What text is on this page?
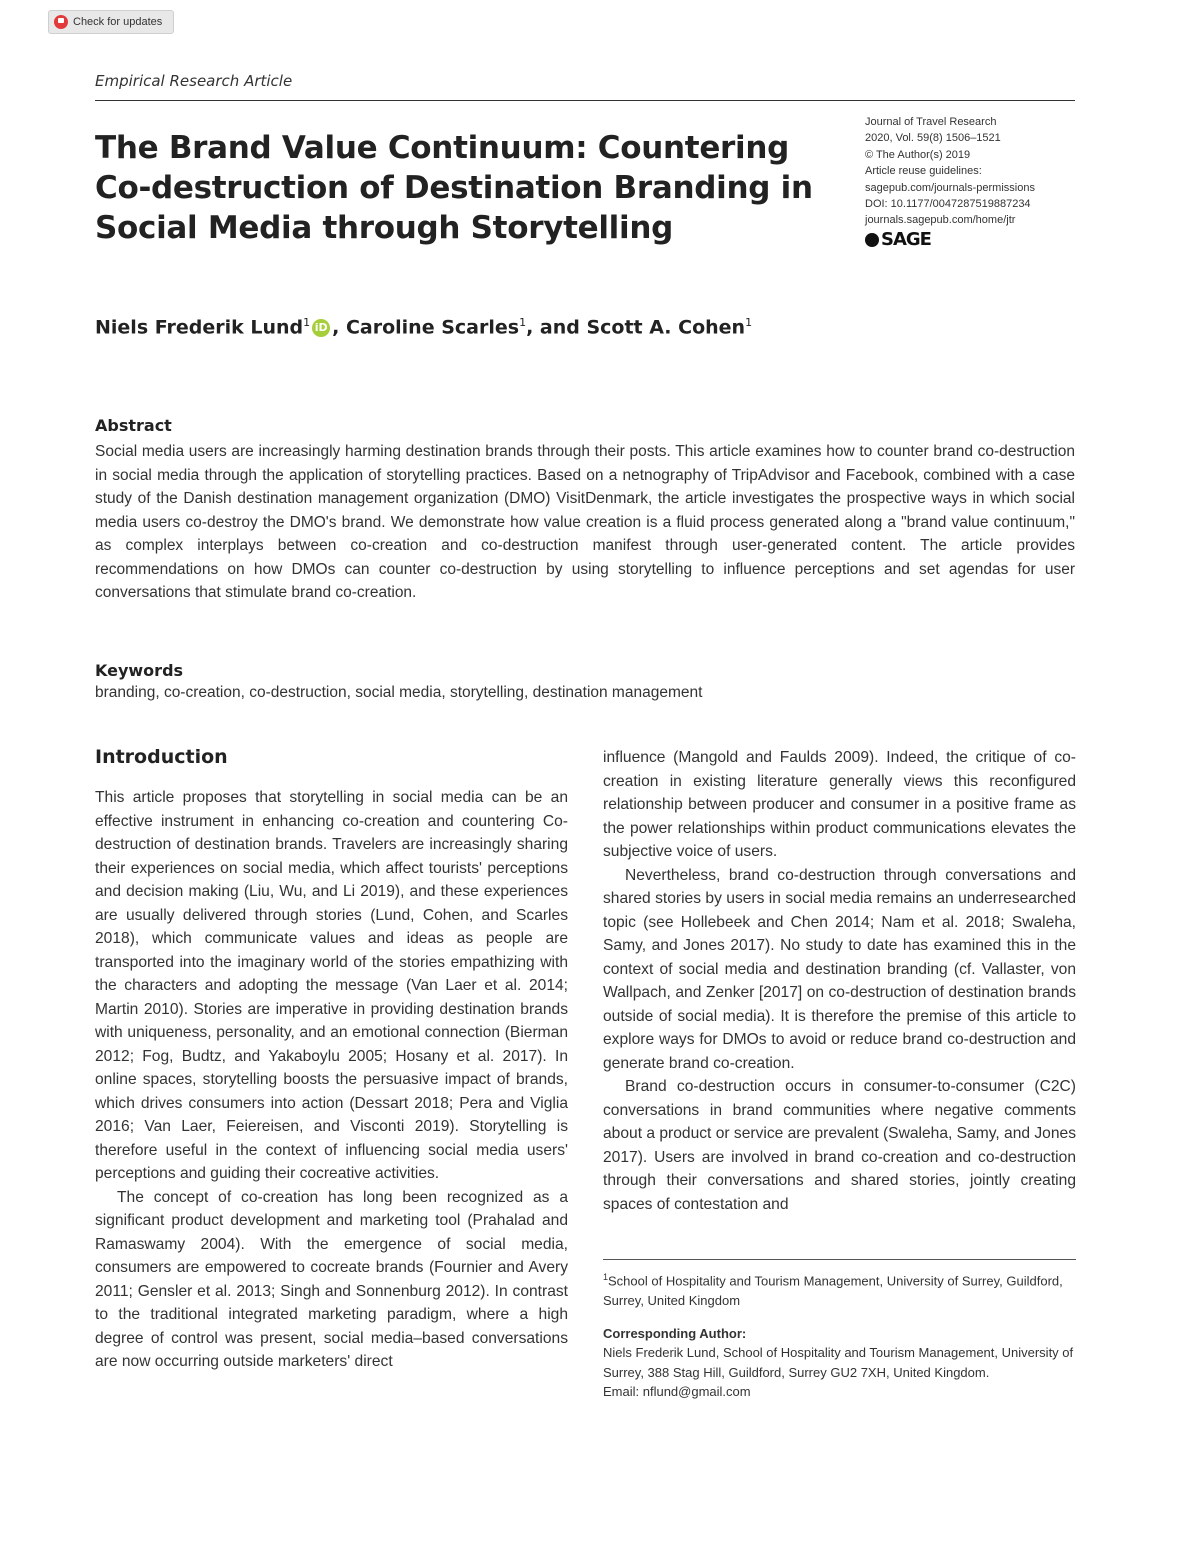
Check for updates
Empirical Research Article
The Brand Value Continuum: Countering Co-destruction of Destination Branding in Social Media through Storytelling
Journal of Travel Research
2020, Vol. 59(8) 1506–1521
© The Author(s) 2019
Article reuse guidelines:
sagepub.com/journals-permissions
DOI: 10.1177/0047287519887234
journals.sagepub.com/home/jtr
SAGE
Niels Frederik Lund$^1$ iD , Caroline Scarles$^1$, and Scott A. Cohen$^1$
Abstract

Social media users are increasingly harming destination brands through their posts. This article examines how to counter brand co-destruction in social media through the application of storytelling practices. Based on a netnography of TripAdvisor and Facebook, combined with a case study of the Danish destination management organization (DMO) VisitDenmark, the article investigates the prospective ways in which social media users co-destroy the DMO's brand. We demonstrate how value creation is a fluid process generated along a "brand value continuum," as complex interplays between co-creation and co-destruction manifest through user-generated content. The article provides recommendations on how DMOs can counter co-destruction by using storytelling to influence perceptions and set agendas for user conversations that stimulate brand co-creation.

Keywords

branding, co-creation, co-destruction, social media, storytelling, destination management

Introduction

This article proposes that storytelling in social media can be an effective instrument in enhancing co-creation and countering Co-destruction of destination brands. Travelers are increasingly sharing their experiences on social media, which affect tourists' perceptions and decision making (Liu, Wu, and Li 2019), and these experiences are usually delivered through stories (Lund, Cohen, and Scarles 2018), which communicate values and ideas as people are transported into the imaginary world of the stories empathizing with the characters and adopting the message (Van Laer et al. 2014; Martin 2010). Stories are imperative in providing destination brands with uniqueness, personality, and an emotional connection (Bierman 2012; Fog, Budtz, and Yakaboylu 2005; Hosany et al. 2017). In online spaces, storytelling boosts the persuasive impact of brands, which drives consumers into action (Dessart 2018; Pera and Viglia 2016; Van Laer, Feiereisen, and Visconti 2019). Storytelling is therefore useful in the context of influencing social media users' perceptions and guiding their cocreative activities.

The concept of co-creation has long been recognized as a significant product development and marketing tool (Prahalad and Ramaswamy 2004). With the emergence of social media, consumers are empowered to cocreate brands (Fournier and Avery 2011; Gensler et al. 2013; Singh and Sonnenburg 2012). In contrast to the traditional integrated marketing paradigm, where a high degree of control was present, social media–based conversations are now occurring outside marketers' direct

influence (Mangold and Faulds 2009). Indeed, the critique of co-creation in existing literature generally views this reconfigured relationship between producer and consumer in a positive frame as the power relationships within product communications elevates the subjective voice of users.

Nevertheless, brand co-destruction through conversations and shared stories by users in social media remains an underresearched topic (see Hollebeek and Chen 2014; Nam et al. 2018; Swaleha, Samy, and Jones 2017). No study to date has examined this in the context of social media and destination branding (cf. Vallaster, von Wallpach, and Zenker [2017] on co-destruction of destination brands outside of social media). It is therefore the premise of this article to explore ways for DMOs to avoid or reduce brand co-destruction and generate brand co-creation.

Brand co-destruction occurs in consumer-to-consumer (C2C) conversations in brand communities where negative comments about a product or service are prevalent (Swaleha, Samy, and Jones 2017). Users are involved in brand co-creation and co-destruction through their conversations and shared stories, jointly creating spaces of contestation and

$^1$School of Hospitality and Tourism Management, University of Surrey, Guildford, Surrey, United Kingdom

Corresponding Author:

Niels Frederik Lund, School of Hospitality and Tourism Management, University of Surrey, 388 Stag Hill, Guildford, Surrey GU2 7XH, United Kingdom.

Email: nflund@gmail.com
